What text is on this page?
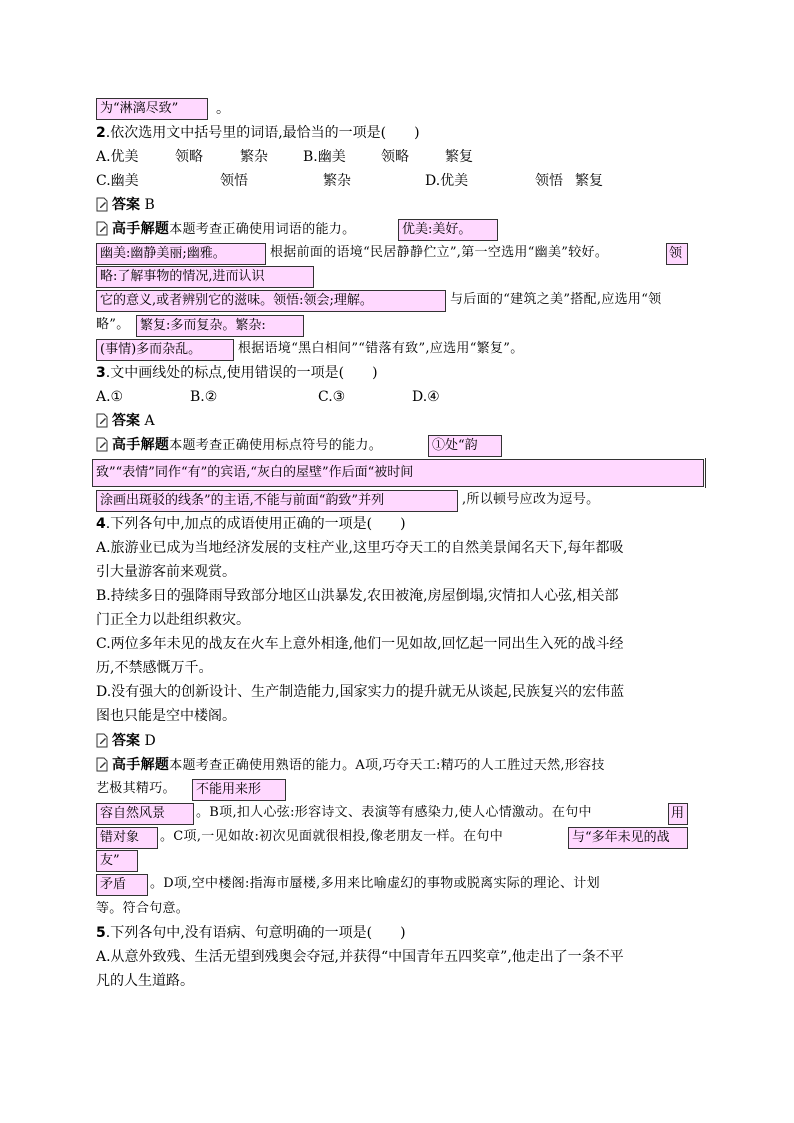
为“淋漓尽致”	。
2.依次选用文中括号里的词语,最恰当的一项是(　　)
A.优美	领略	繁杂	B.幽美	领略	繁复
C.幽美	领悟	繁杂	D.优美	领悟 繁复
答案 B
高手解题本题考查正确使用词语的能力。	优美:美好。
幽美:幽静美丽;幽雅。	根据前面的语境“民居静静伫立”,第一空选用“幽美”较好。	领
略:了解事物的情况,进而认识
它的意义,或者辨别它的滋味。领悟:领会;理解。	与后面的“建筑之美”搭配,应选用“领
略”。 繁复:多而复杂。繁杂:
(事情)多而杂乱。	根据语境“黑白相间”“错落有致”,应选用“繁复”。
3.文中画线处的标点,使用错误的一项是(　　)
A.①	B.②	C.③	D.④
答案 A
高手解题本题考查正确使用标点符号的能力。	①处“韵
致”“表情”同作“有”的宾语,“灰白的屋壁”作后面“被时间
涂画出斑驳的线条”的主语,不能与前面“韵致”并列	,所以顿号应改为逗号。
4.下列各句中,加点的成语使用正确的一项是(　　)
A.旅游业已成为当地经济发展的支柱产业,这里巧夺天工的自然美景闻名天下,每年都吸
引大量游客前来观赏。
B.持续多日的强降雨导致部分地区山洪暴发,农田被淹,房屋倒塌,灾情扣人心弦,相关部
门正全力以赴组织救灾。
C.两位多年未见的战友在火车上意外相逢,他们一见如故,回忆起一同出生入死的战斗经
历,不禁感慨万千。
D.没有强大的创新设计、生产制造能力,国家实力的提升就无从谈起,民族复兴的宏伟蓝
图也只能是空中楼阁。
答案 D
高手解题本题考查正确使用熟语的能力。A项,巧夺天工:精巧的人工胜过天然,形容技
艺极其精巧。	不能用来形
容自然风景	。B项,扣人心弦:形容诗文、表演等有感染力,使人心情激动。在句中	用
错对象	。C项,一见如故:初次见面就很相投,像老朋友一样。在句中	与“多年未见的战
友”
矛盾	。D项,空中楼阁:指海市蜃楼,多用来比喻虚幻的事物或脱离实际的理论、计划
等。符合句意。
5.下列各句中,没有语病、句意明确的一项是(　　)
A.从意外致残、生活无望到残奥会夺冠,并获得“中国青年五四奖章”,他走出了一条不平
凡的人生道路。
